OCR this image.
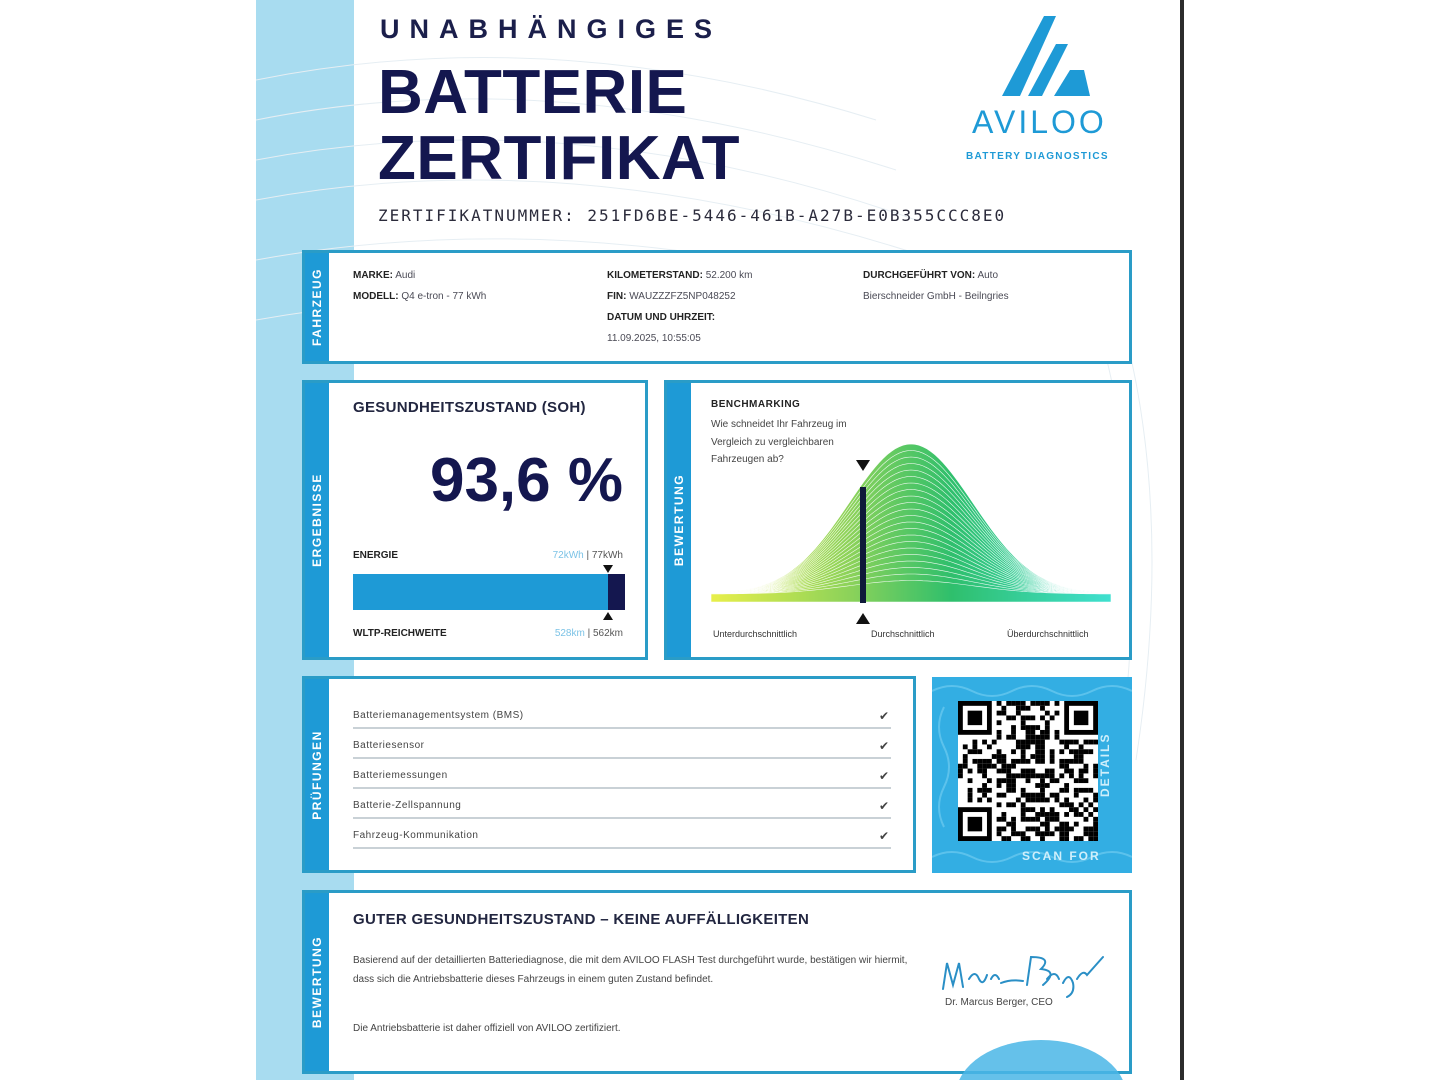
UNABHÄNGIGES
BATTERIE
ZERTIFIKAT
ZERTIFIKATNUMMER: 251FD6BE-5446-461B-A27B-E0B355CCC8E0
AVILOO
BATTERY DIAGNOSTICS
FAHRZEUG	MARKE: Audi
MODELL: Q4 e-tron - 77 kWh
KILOMETERSTAND: 52.200 km
FIN: WAUZZZFZ5NP048252
DATUM UND UHRZEIT:
11.09.2025, 10:55:05
DURCHGEFÜHRT VON: Auto
Bierschneider GmbH - Beilngries
ERGEBNISSE
GESUNDHEITSZUSTAND (SOH)
93,6 %
ENERGIE	72kWh | 77kWh
WLTP-REICHWEITE	528km | 562km
BEWERTUNG
BENCHMARKING
Wie schneidet Ihr Fahrzeug im Vergleich zu vergleichbaren Fahrzeugen ab?
Unterdurchschnittlich	Durchschnittlich	Überdurchschnittlich
PRÜFUNGEN
Batteriemanagementsystem (BMS)	✔
Batteriesensor	✔
Batteriemessungen	✔
Batterie-Zellspannung	✔
Fahrzeug-Kommunikation	✔
SCAN FOR
DETAILS
BEWERTUNG
GUTER GESUNDHEITSZUSTAND – KEINE AUFFÄLLIGKEITEN
Basierend auf der detaillierten Batteriediagnose, die mit dem AVILOO FLASH Test durchgeführt wurde, bestätigen wir hiermit, dass sich die Antriebsbatterie dieses Fahrzeugs in einem guten Zustand befindet.
Die Antriebsbatterie ist daher offiziell von AVILOO zertifiziert.
Dr. Marcus Berger, CEO
